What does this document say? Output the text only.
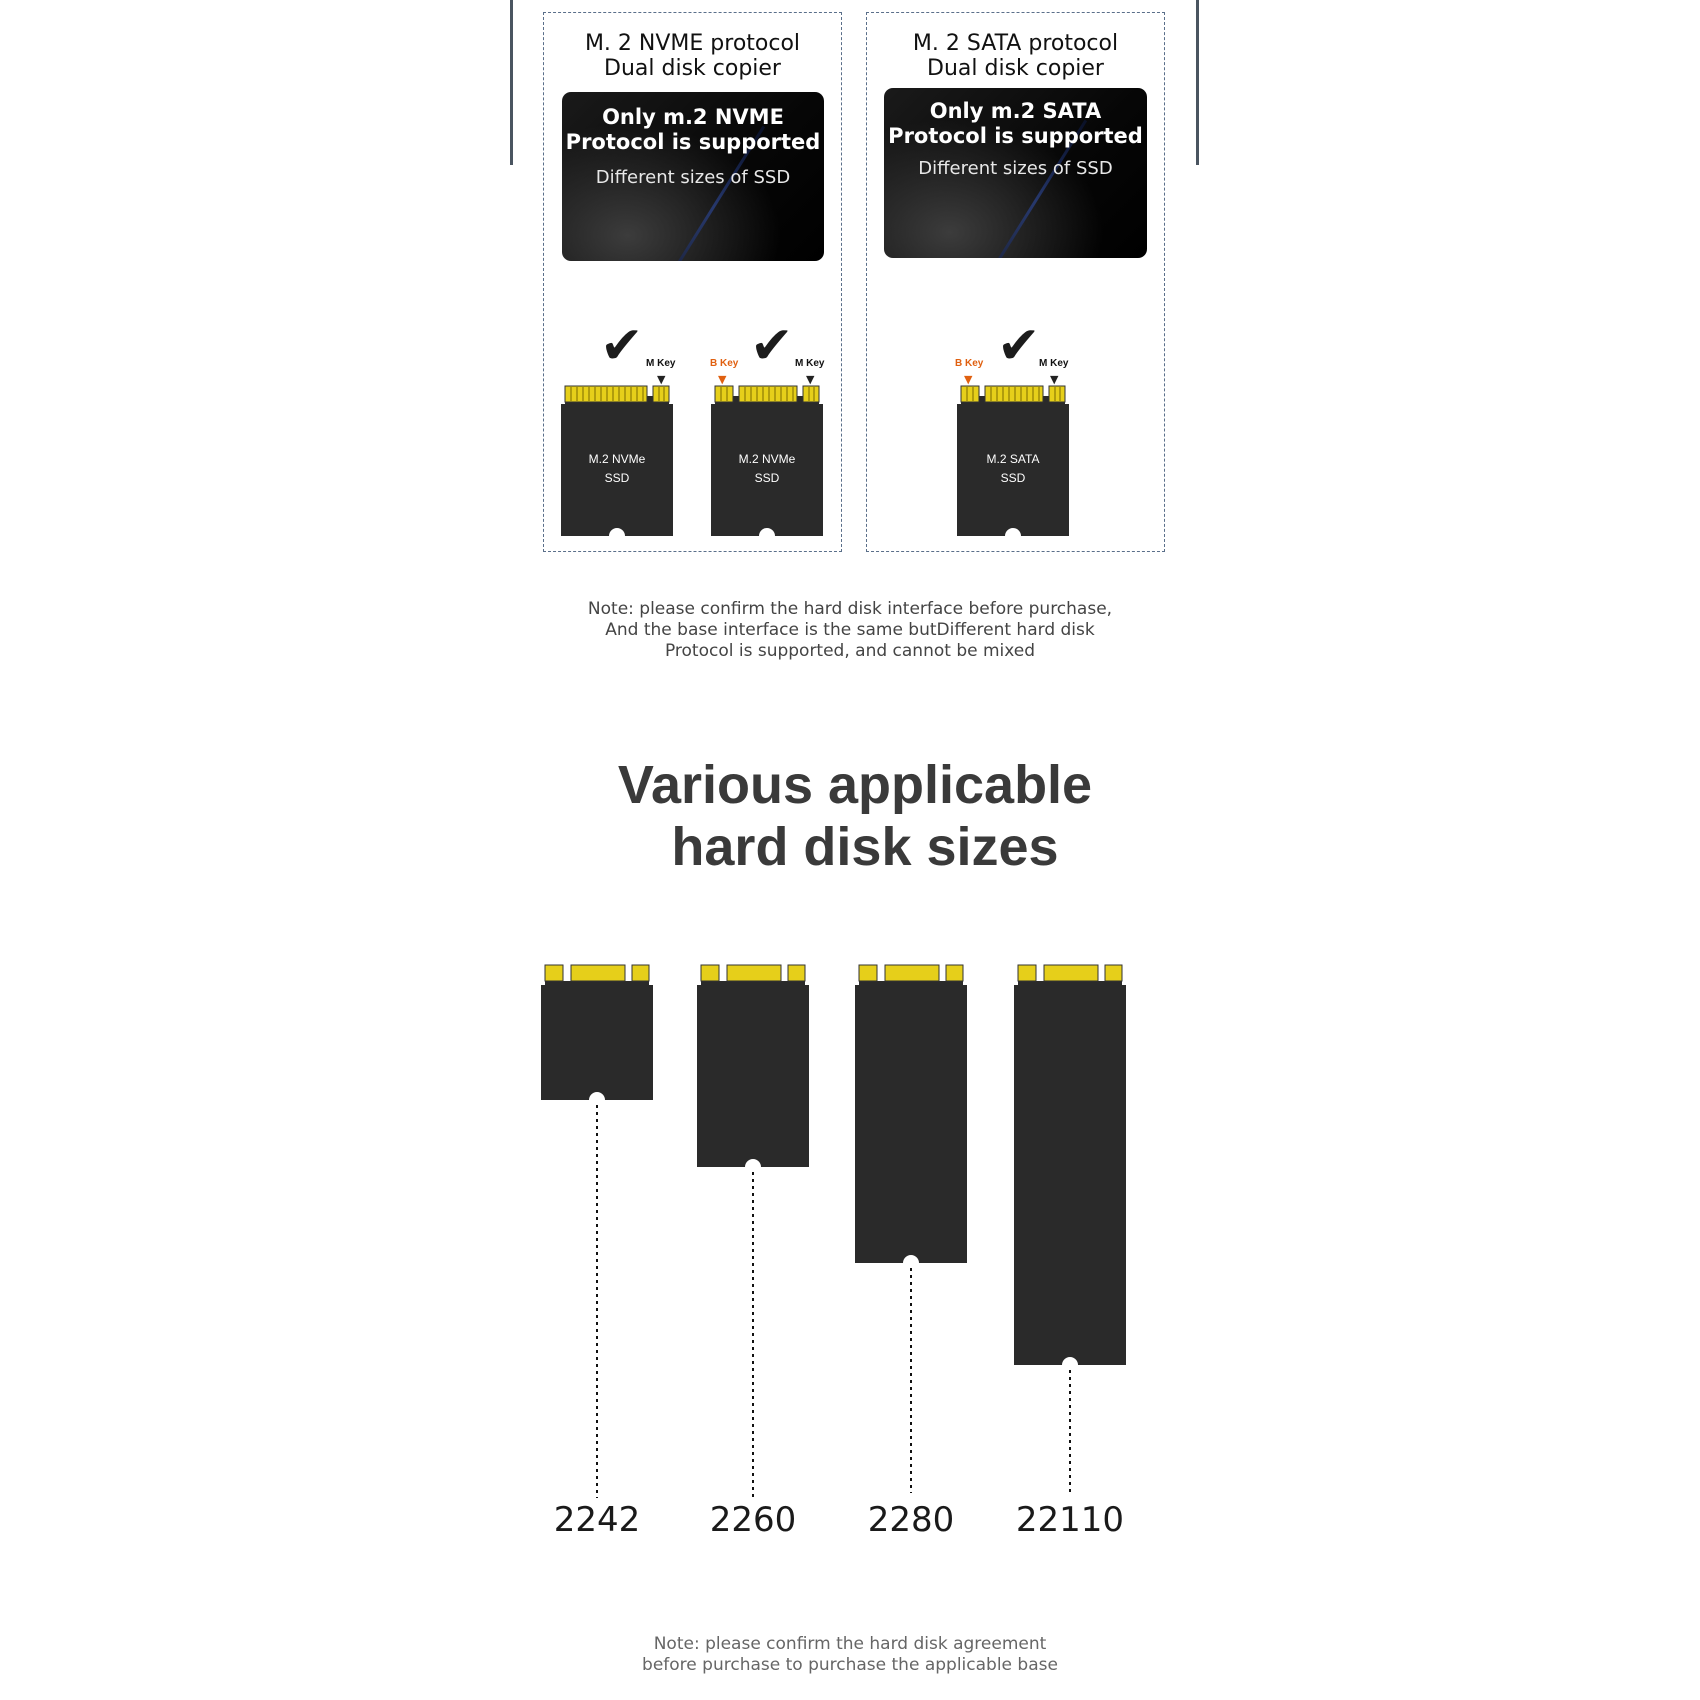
M. 2 NVME protocol
Dual disk copier
Only m.2 NVME
Protocol is supported
Different sizes of SSD
✔ M Key
▼
M.2 NVMe
SSD
✔
B Key
▼
M Key
▼
M.2 NVMe
SSD
M. 2 SATA protocol
Dual disk copier
Only m.2 SATA
Protocol is supported
Different sizes of SSD
✔
B Key
▼
M Key
▼
M.2 SATA
SSD
Note: please confirm the hard disk interface before purchase,
And the base interface is the same butDifferent hard disk
Protocol is supported, and cannot be mixed
Various applicable
hard disk sizes
2242	2260	2280	22110
Note: please confirm the hard disk agreement
before purchase to purchase the applicable base
